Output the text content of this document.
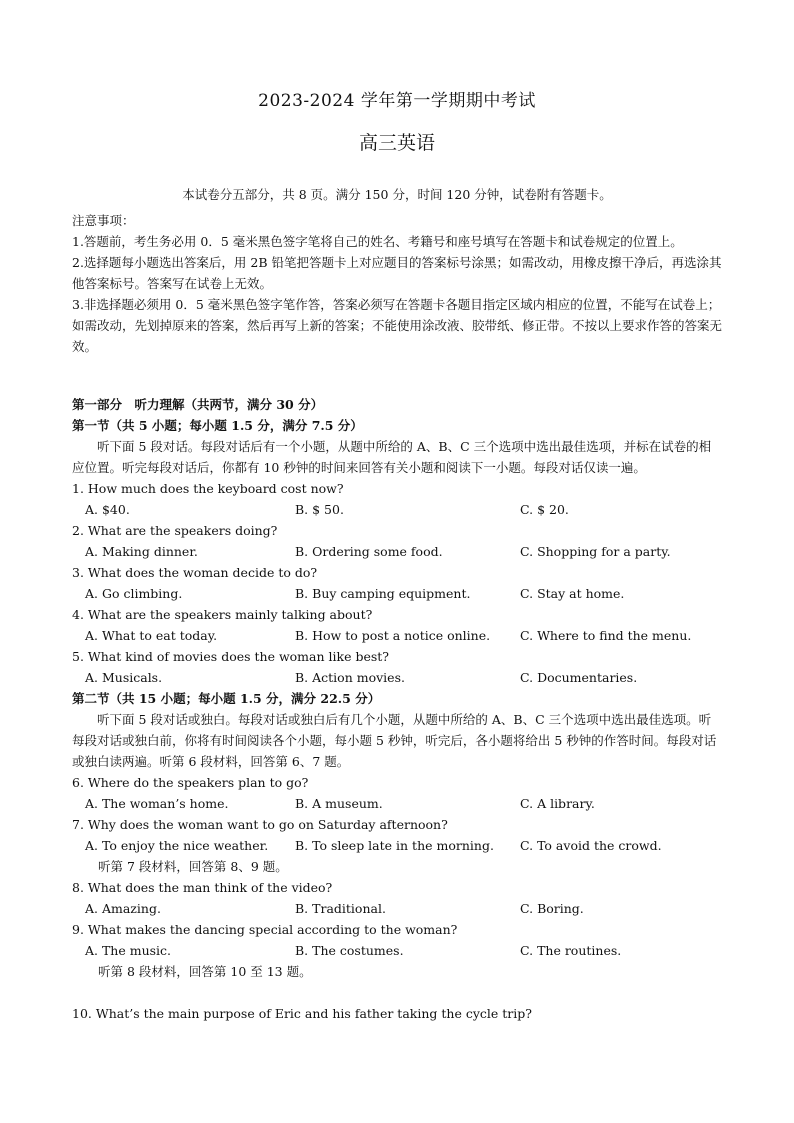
2023-2024 学年第一学期期中考试
高三英语
本试卷分五部分，共 8 页。满分 150 分，时间 120 分钟，试卷附有答题卡。

注意事项：

1.答题前，考生务必用 0．5 毫米黑色签字笔将自己的姓名、考籍号和座号填写在答题卡和试卷规定的位置上。

2.选择题每小题选出答案后，用 2B 铅笔把答题卡上对应题目的答案标号涂黑；如需改动，用橡皮擦干净后，再选涂其他答案标号。答案写在试卷上无效。

3.非选择题必须用 0．5 毫米黑色签字笔作答，答案必须写在答题卡各题目指定区域内相应的位置，不能写在试卷上；如需改动，先划掉原来的答案，然后再写上新的答案；不能使用涂改液、胶带纸、修正带。不按以上要求作答的答案无效。

第一部分　听力理解（共两节，满分 30 分）

第一节（共 5 小题；每小题 1.5 分，满分 7.5 分）

听下面 5 段对话。每段对话后有一个小题，从题中所给的 A、B、C 三个选项中选出最佳选项，并标在试卷的相应位置。听完每段对话后，你都有 10 秒钟的时间来回答有关小题和阅读下一小题。每段对话仅读一遍。

1. How much does the keyboard cost now?

A. $40.	B. $ 50.	C. $ 20.

2. What are the speakers doing?

A. Making dinner.	B. Ordering some food.	C. Shopping for a party.

3. What does the woman decide to do?

A. Go climbing.	B. Buy camping equipment.	C. Stay at home.

4. What are the speakers mainly talking about?

A. What to eat today.	B. How to post a notice online.	C. Where to find the menu.

5. What kind of movies does the woman like best?

A. Musicals.	B. Action movies.	C. Documentaries.

第二节（共 15 小题；每小题 1.5 分，满分 22.5 分）

听下面 5 段对话或独白。每段对话或独白后有几个小题，从题中所给的 A、B、C 三个选项中选出最佳选项。听每段对话或独白前，你将有时间阅读各个小题，每小题 5 秒钟，听完后，各小题将给出 5 秒钟的作答时间。每段对话或独白读两遍。听第 6 段材料，回答第 6、7 题。

6. Where do the speakers plan to go?

A. The woman’s home.	B. A museum.	C. A library.

7. Why does the woman want to go on Saturday afternoon?

A. To enjoy the nice weather.	B. To sleep late in the morning.	C. To avoid the crowd.

听第 7 段材料，回答第 8、9 题。

8. What does the man think of the video?

A. Amazing.	B. Traditional.	C. Boring.

9. What makes the dancing special according to the woman?

A. The music.	B. The costumes.	C. The routines.

听第 8 段材料，回答第 10 至 13 题。

10. What’s the main purpose of Eric and his father taking the cycle trip?
